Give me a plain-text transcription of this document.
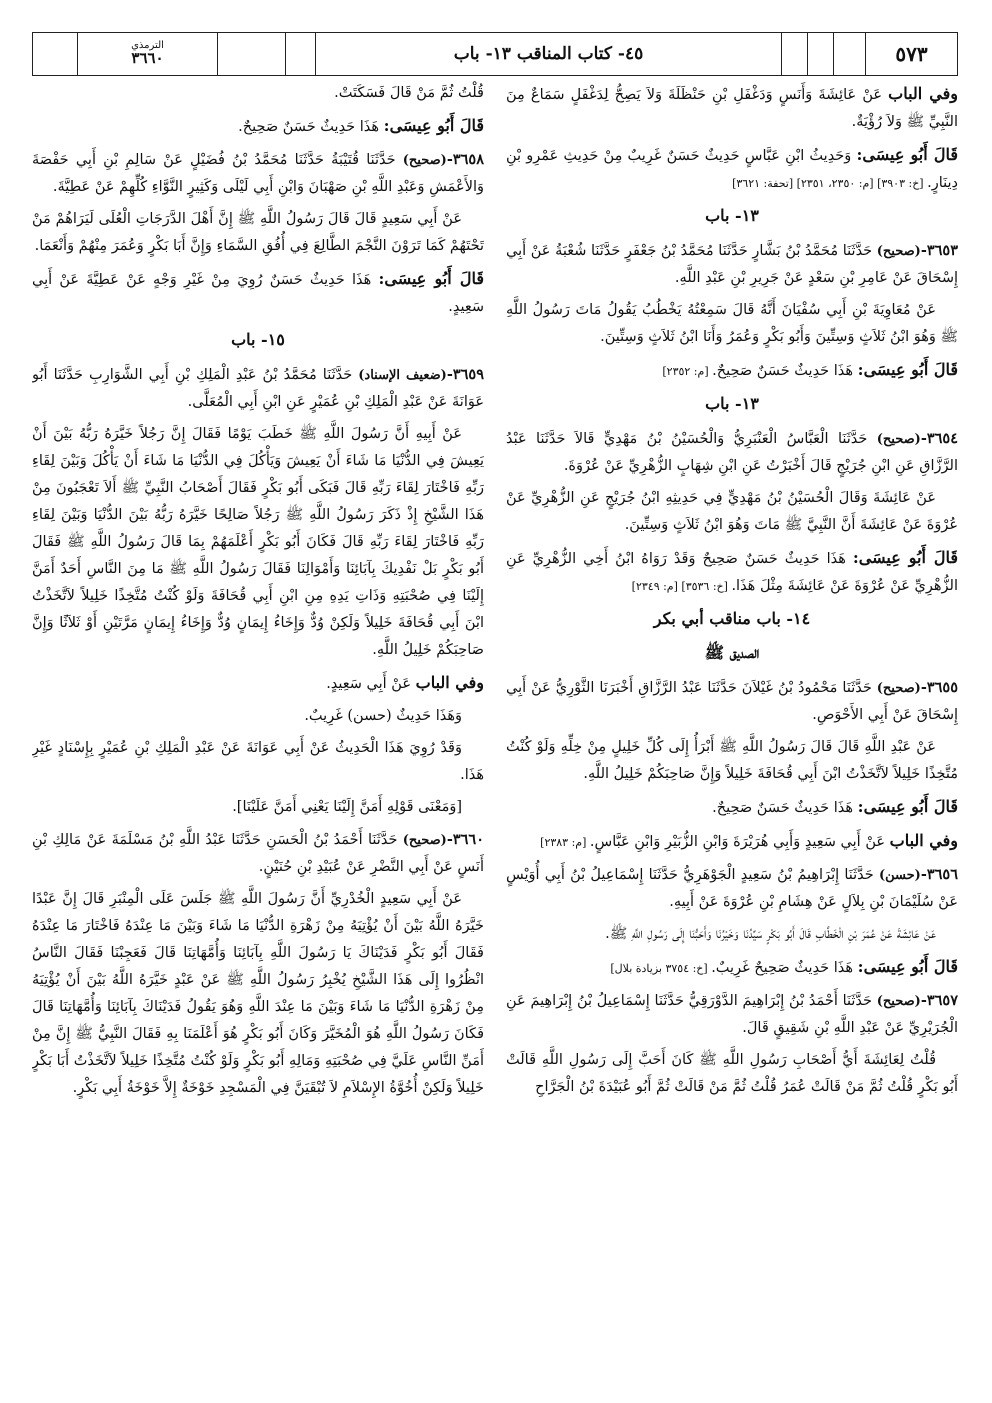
٥٧٣
٤٥- كتاب المناقب ١٣- باب
الترمذي
٣٦٦٠

وفي الباب عَنْ عَائِشَةَ وَأَنَسٍ وَدَغْفَلِ بْنِ حَنْظَلَةَ وَلاَ يَصِحُّ لِدَغْفَلٍ سَمَاعٌ مِنَ النَّبِيِّ ﷺ وَلاَ رُؤْيَةٌ.

قَالَ أَبُو عِيسَى: وَحَدِيثُ ابْنِ عَبَّاسٍ حَدِيثٌ حَسَنٌ غَرِيبٌ مِنْ حَدِيثِ عَمْرِو بْنِ دِينَارٍ. [خ: ٣٩٠٣] [م: ٢٣٥٠، ٢٣٥١] [تحفة: ٣٦٢١]

١٣- باب

٣٦٥٣-(صحيح) حَدَّثَنَا مُحَمَّدُ بْنُ بَشَّارٍ حَدَّثَنَا مُحَمَّدُ بْنُ جَعْفَرٍ حَدَّثَنَا شُعْبَةُ عَنْ أَبِي إِسْحَاقَ عَنْ عَامِرِ بْنِ سَعْدٍ عَنْ جَرِيرِ بْنِ عَبْدِ اللَّهِ.

عَنْ مُعَاوِيَةَ بْنِ أَبِي سُفْيَانَ أَنَّهُ قَالَ سَمِعْتُهُ يَخْطُبُ يَقُولُ مَاتَ رَسُولُ اللَّهِ ﷺ وَهُوَ ابْنُ ثَلاَثٍ وَسِتِّينَ وَأَبُو بَكْرٍ وَعُمَرُ وَأَنَا ابْنُ ثَلاَثٍ وَسِتِّينَ.

قَالَ أَبُو عِيسَى: هَذَا حَدِيثٌ حَسَنٌ صَحِيحٌ. [م: ٢٣٥٢]

١٣- باب

٣٦٥٤-(صحيح) حَدَّثَنَا الْعَبَّاسُ الْعَنْبَرِيُّ وَالْحُسَيْنُ بْنُ مَهْدِيٍّ قَالاَ حَدَّثَنَا عَبْدُ الرَّزَّاقِ عَنِ ابْنِ جُرَيْجٍ قَالَ أَخْبَرْتُ عَنِ ابْنِ شِهَابٍ الزُّهْرِيِّ عَنْ عُرْوَةَ.

عَنْ عَائِشَةَ وَقَالَ الْحُسَيْنُ بْنُ مَهْدِيٍّ فِي حَدِيثِهِ ابْنُ جُرَيْجٍ عَنِ الزُّهْرِيِّ عَنْ عُرْوَةَ عَنْ عَائِشَةَ أَنَّ النَّبِيَّ ﷺ مَاتَ وَهُوَ ابْنُ ثَلاَثٍ وَسِتِّينَ.

قَالَ أَبُو عِيسَى: هَذَا حَدِيثٌ حَسَنٌ صَحِيحٌ وَقَدْ رَوَاهُ ابْنُ أَخِي الزُّهْرِيِّ عَنِ الزُّهْرِيِّ عَنْ عُرْوَةَ عَنْ عَائِشَةَ مِثْلَ هَذَا. [خ: ٣٥٣٦] [م: ٢٣٤٩]

١٤- باب مناقب أبي بكر
الصديق ﷺ

٣٦٥٥-(صحيح) حَدَّثَنَا مَحْمُودُ بْنُ غَيْلاَنَ حَدَّثَنَا عَبْدُ الرَّزَّاقِ أَخْبَرَنَا الثَّوْرِيُّ عَنْ أَبِي إِسْحَاقَ عَنْ أَبِي الأَحْوَصِ.

عَنْ عَبْدِ اللَّهِ قَالَ قَالَ رَسُولُ اللَّهِ ﷺ أَبْرَأُ إِلَى كُلِّ خَلِيلٍ مِنْ خِلِّهِ وَلَوْ كُنْتُ مُتَّخِذًا خَلِيلاً لاَتَّخَذْتُ ابْنَ أَبِي قُحَافَةَ خَلِيلاً وَإِنَّ صَاحِبَكُمْ خَلِيلُ اللَّهِ.

قَالَ أَبُو عِيسَى: هَذَا حَدِيثٌ حَسَنٌ صَحِيحٌ.

وفي الباب عَنْ أَبِي سَعِيدٍ وَأَبِي هُرَيْرَةَ وَابْنِ الزُّبَيْرِ وَابْنِ عَبَّاسٍ. [م: ٢٣٨٣]

٣٦٥٦-(حسن) حَدَّثَنَا إِبْرَاهِيمُ بْنُ سَعِيدٍ الْجَوْهَرِيُّ حَدَّثَنَا إِسْمَاعِيلُ بْنُ أَبِي أُوَيْسٍ عَنْ سُلَيْمَانَ بْنِ بِلاَلٍ عَنْ هِشَامِ بْنِ عُرْوَةَ عَنْ أَبِيهِ.

عَنْ عَائِشَةَ عَنْ عُمَرَ بْنِ الْخَطَّابِ قَالَ أَبُو بَكْرٍ سَيِّدُنَا وَخَيْرُنَا وَأَحَبُّنَا إِلَى رَسُولِ اللَّهِ ﷺ.

قَالَ أَبُو عِيسَى: هَذَا حَدِيثٌ صَحِيحٌ غَرِيبٌ. [خ: ٣٧٥٤ بزيادة بلال]

٣٦٥٧-(صحيح) حَدَّثَنَا أَحْمَدُ بْنُ إِبْرَاهِيمَ الدَّوْرَقِيُّ حَدَّثَنَا إِسْمَاعِيلُ بْنُ إِبْرَاهِيمَ عَنِ الْجُرَيْرِيِّ عَنْ عَبْدِ اللَّهِ بْنِ شَقِيقٍ قَالَ.

قُلْتُ لِعَائِشَةَ أَيُّ أَصْحَابِ رَسُولِ اللَّهِ ﷺ كَانَ أَحَبَّ إِلَى رَسُولِ اللَّهِ قَالَتْ أَبُو بَكْرٍ قُلْتُ ثُمَّ مَنْ قَالَتْ عُمَرُ قُلْتُ ثُمَّ مَنْ قَالَتْ ثُمَّ أَبُو عُبَيْدَةَ بْنُ الْجَرَّاحِ

قُلْتُ ثُمَّ مَنْ قَالَ فَسَكَتَتْ.

قَالَ أَبُو عِيسَى: هَذَا حَدِيثٌ حَسَنٌ صَحِيحٌ.

٣٦٥٨-(صحيح) حَدَّثَنَا قُتَيْبَةُ حَدَّثَنَا مُحَمَّدُ بْنُ فُضَيْلٍ عَنْ سَالِمِ بْنِ أَبِي حَفْصَةَ وَالأَعْمَشِ وَعَبْدِ اللَّهِ بْنِ صَهْبَانَ وَابْنِ أَبِي لَيْلَى وَكَثِيرٍ النَّوَّاءِ كُلِّهِمْ عَنْ عَطِيَّةَ.

عَنْ أَبِي سَعِيدٍ قَالَ قَالَ رَسُولُ اللَّهِ ﷺ إِنَّ أَهْلَ الدَّرَجَاتِ الْعُلَى لَيَرَاهُمْ مَنْ تَحْتَهُمْ كَمَا تَرَوْنَ النَّجْمَ الطَّالِعَ فِي أُفُقِ السَّمَاءِ وَإِنَّ أَبَا بَكْرٍ وَعُمَرَ مِنْهُمْ وَأَنْعَمَا.

قَالَ أَبُو عِيسَى: هَذَا حَدِيثٌ حَسَنٌ رُوِيَ مِنْ غَيْرِ وَجْهٍ عَنْ عَطِيَّةَ عَنْ أَبِي سَعِيدٍ.

١٥- باب

٣٦٥٩-(ضعيف الإسناد) حَدَّثَنَا مُحَمَّدُ بْنُ عَبْدِ الْمَلِكِ بْنِ أَبِي الشَّوَارِبِ حَدَّثَنَا أَبُو عَوَانَةَ عَنْ عَبْدِ الْمَلِكِ بْنِ عُمَيْرٍ عَنِ ابْنِ أَبِي الْمُعَلَّى.

عَنْ أَبِيهِ أَنَّ رَسُولَ اللَّهِ ﷺ خَطَبَ يَوْمًا فَقَالَ إِنَّ رَجُلاً خَيَّرَهُ رَبُّهُ بَيْنَ أَنْ يَعِيشَ فِي الدُّنْيَا مَا شَاءَ أَنْ يَعِيشَ وَيَأْكُلَ فِي الدُّنْيَا مَا شَاءَ أَنْ يَأْكُلَ وَبَيْنَ لِقَاءِ رَبِّهِ فَاخْتَارَ لِقَاءَ رَبِّهِ قَالَ فَبَكَى أَبُو بَكْرٍ فَقَالَ أَصْحَابُ النَّبِيِّ ﷺ أَلاَ تَعْجَبُونَ مِنْ هَذَا الشَّيْخِ إِذْ ذَكَرَ رَسُولُ اللَّهِ ﷺ رَجُلاً صَالِحًا خَيَّرَهُ رَبُّهُ بَيْنَ الدُّنْيَا وَبَيْنَ لِقَاءِ رَبِّهِ فَاخْتَارَ لِقَاءَ رَبِّهِ قَالَ فَكَانَ أَبُو بَكْرٍ أَعْلَمَهُمْ بِمَا قَالَ رَسُولُ اللَّهِ ﷺ فَقَالَ أَبُو بَكْرٍ بَلْ نَفْدِيكَ بِآبَائِنَا وَأَمْوَالِنَا فَقَالَ رَسُولُ اللَّهِ ﷺ مَا مِنَ النَّاسِ أَحَدٌ أَمَنَّ إِلَيْنَا فِي صُحْبَتِهِ وَذَاتِ يَدِهِ مِنِ ابْنِ أَبِي قُحَافَةَ وَلَوْ كُنْتُ مُتَّخِذًا خَلِيلاً لاَتَّخَذْتُ ابْنَ أَبِي قُحَافَةَ خَلِيلاً وَلَكِنْ وُدٌّ وَإِخَاءُ إِيمَانٍ وُدٌّ وَإِخَاءُ إِيمَانٍ مَرَّتَيْنِ أَوْ ثَلاَثًا وَإِنَّ صَاحِبَكُمْ خَلِيلُ اللَّهِ.

وفي الباب عَنْ أَبِي سَعِيدٍ.

وَهَذَا حَدِيثٌ (حسن) غَرِيبٌ.

وَقَدْ رُوِيَ هَذَا الْحَدِيثُ عَنْ أَبِي عَوَانَةَ عَنْ عَبْدِ الْمَلِكِ بْنِ عُمَيْرٍ بِإِسْنَادٍ غَيْرِ هَذَا.

[وَمَعْنَى قَوْلِهِ أَمَنَّ إِلَيْنَا يَعْنِي أَمَنَّ عَلَيْنَا].

٣٦٦٠-(صحيح) حَدَّثَنَا أَحْمَدُ بْنُ الْحَسَنِ حَدَّثَنَا عَبْدُ اللَّهِ بْنُ مَسْلَمَةَ عَنْ مَالِكِ بْنِ أَنَسٍ عَنْ أَبِي النَّضْرِ عَنْ عُبَيْدِ بْنِ حُنَيْنٍ.

عَنْ أَبِي سَعِيدٍ الْخُدْرِيِّ أَنَّ رَسُولَ اللَّهِ ﷺ جَلَسَ عَلَى الْمِنْبَرِ قَالَ إِنَّ عَبْدًا خَيَّرَهُ اللَّهُ بَيْنَ أَنْ يُؤْتِيَهُ مِنْ زَهْرَةِ الدُّنْيَا مَا شَاءَ وَبَيْنَ مَا عِنْدَهُ فَاخْتَارَ مَا عِنْدَهُ فَقَالَ أَبُو بَكْرٍ فَدَيْنَاكَ يَا رَسُولَ اللَّهِ بِآبَائِنَا وَأُمَّهَاتِنَا قَالَ فَعَجِبْنَا فَقَالَ النَّاسُ انْظُرُوا إِلَى هَذَا الشَّيْخِ يُخْبِرُ رَسُولُ اللَّهِ ﷺ عَنْ عَبْدٍ خَيَّرَهُ اللَّهُ بَيْنَ أَنْ يُؤْتِيَهُ مِنْ زَهْرَةِ الدُّنْيَا مَا شَاءَ وَبَيْنَ مَا عِنْدَ اللَّهِ وَهُوَ يَقُولُ فَدَيْنَاكَ بِآبَائِنَا وَأُمَّهَاتِنَا قَالَ فَكَانَ رَسُولُ اللَّهِ هُوَ الْمُخَيَّرَ وَكَانَ أَبُو بَكْرٍ هُوَ أَعْلَمَنَا بِهِ فَقَالَ النَّبِيُّ ﷺ إِنَّ مِنْ أَمَنِّ النَّاسِ عَلَيَّ فِي صُحْبَتِهِ وَمَالِهِ أَبُو بَكْرٍ وَلَوْ كُنْتُ مُتَّخِذًا خَلِيلاً لاَتَّخَذْتُ أَبَا بَكْرٍ خَلِيلاً وَلَكِنْ أُخُوَّةُ الإِسْلاَمِ لاَ تُبْقَيَنَّ فِي الْمَسْجِدِ خَوْخَةٌ إِلاَّ خَوْخَةُ أَبِي بَكْرٍ.
